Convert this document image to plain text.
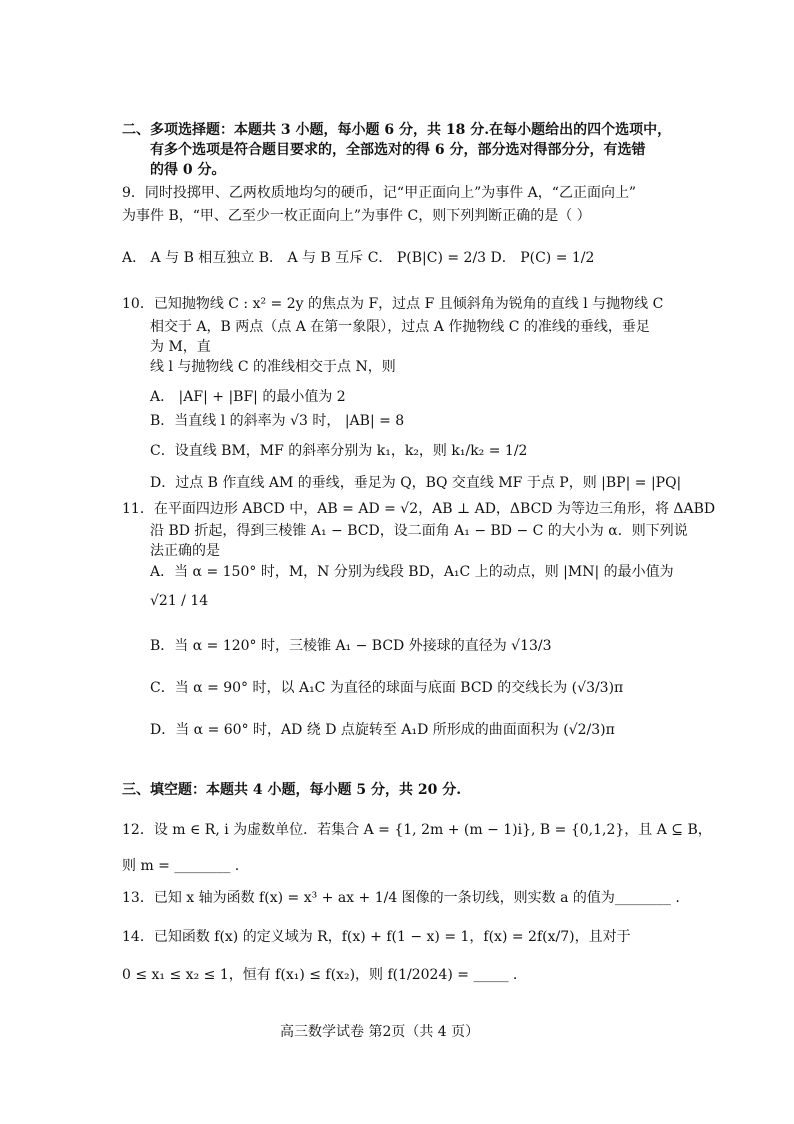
二、多项选择题：本题共 3 小题，每小题 6 分，共 18 分.在每小题给出的四个选项中，
有多个选项是符合题目要求的，全部选对的得 6 分，部分选对得部分分，有选错
的得 0 分。
9．同时投掷甲、乙两枚质地均匀的硬币，记“甲正面向上”为事件 A，“乙正面向上”
为事件 B，“甲、乙至少一枚正面向上”为事件 C，则下列判断正确的是（ ）
A． A 与 B 相互独立 B． A 与 B 互斥 C． P(B|C) = 2/3 D． P(C) = 1/2
10．已知抛物线 C : x² = 2y 的焦点为 F，过点 F 且倾斜角为锐角的直线 l 与抛物线 C
相交于 A，B 两点（点 A 在第一象限），过点 A 作抛物线 C 的准线的垂线，垂足
为 M，直
线 l 与抛物线 C 的准线相交于点 N，则
A． |AF| + |BF| 的最小值为 2
B．当直线 l 的斜率为 √3 时， |AB| = 8
C．设直线 BM，MF 的斜率分别为 k₁，k₂，则 k₁/k₂ = 1/2
D．过点 B 作直线 AM 的垂线，垂足为 Q，BQ 交直线 MF 于点 P，则 |BP| = |PQ|
11．在平面四边形 ABCD 中，AB = AD = √2，AB ⊥ AD，ΔBCD 为等边三角形，将 ΔABD
沿 BD 折起，得到三棱锥 A₁ − BCD，设二面角 A₁ − BD − C 的大小为 α．则下列说
法正确的是
A．当 α = 150° 时，M，N 分别为线段 BD，A₁C 上的动点，则 |MN| 的最小值为
√21 / 14
B．当 α = 120° 时，三棱锥 A₁ − BCD 外接球的直径为 √13/3
C．当 α = 90° 时，以 A₁C 为直径的球面与底面 BCD 的交线长为 (√3/3)π
D．当 α = 60° 时，AD 绕 D 点旋转至 A₁D 所形成的曲面面积为 (√2/3)π
三、填空题：本题共 4 小题，每小题 5 分，共 20 分.
12．设 m ∈ R, i 为虚数单位．若集合 A = {1, 2m + (m − 1)i}, B = {0,1,2}，且 A ⊆ B，
则 m = ________ .
13．已知 x 轴为函数 f(x) = x³ + ax + 1/4 图像的一条切线，则实数 a 的值为________ .
14．已知函数 f(x) 的定义域为 R，f(x) + f(1 − x) = 1，f(x) = 2f(x/7)，且对于
0 ≤ x₁ ≤ x₂ ≤ 1，恒有 f(x₁) ≤ f(x₂)，则 f(1/2024) = _____ .
高三数学试卷 第2页（共 4 页）
